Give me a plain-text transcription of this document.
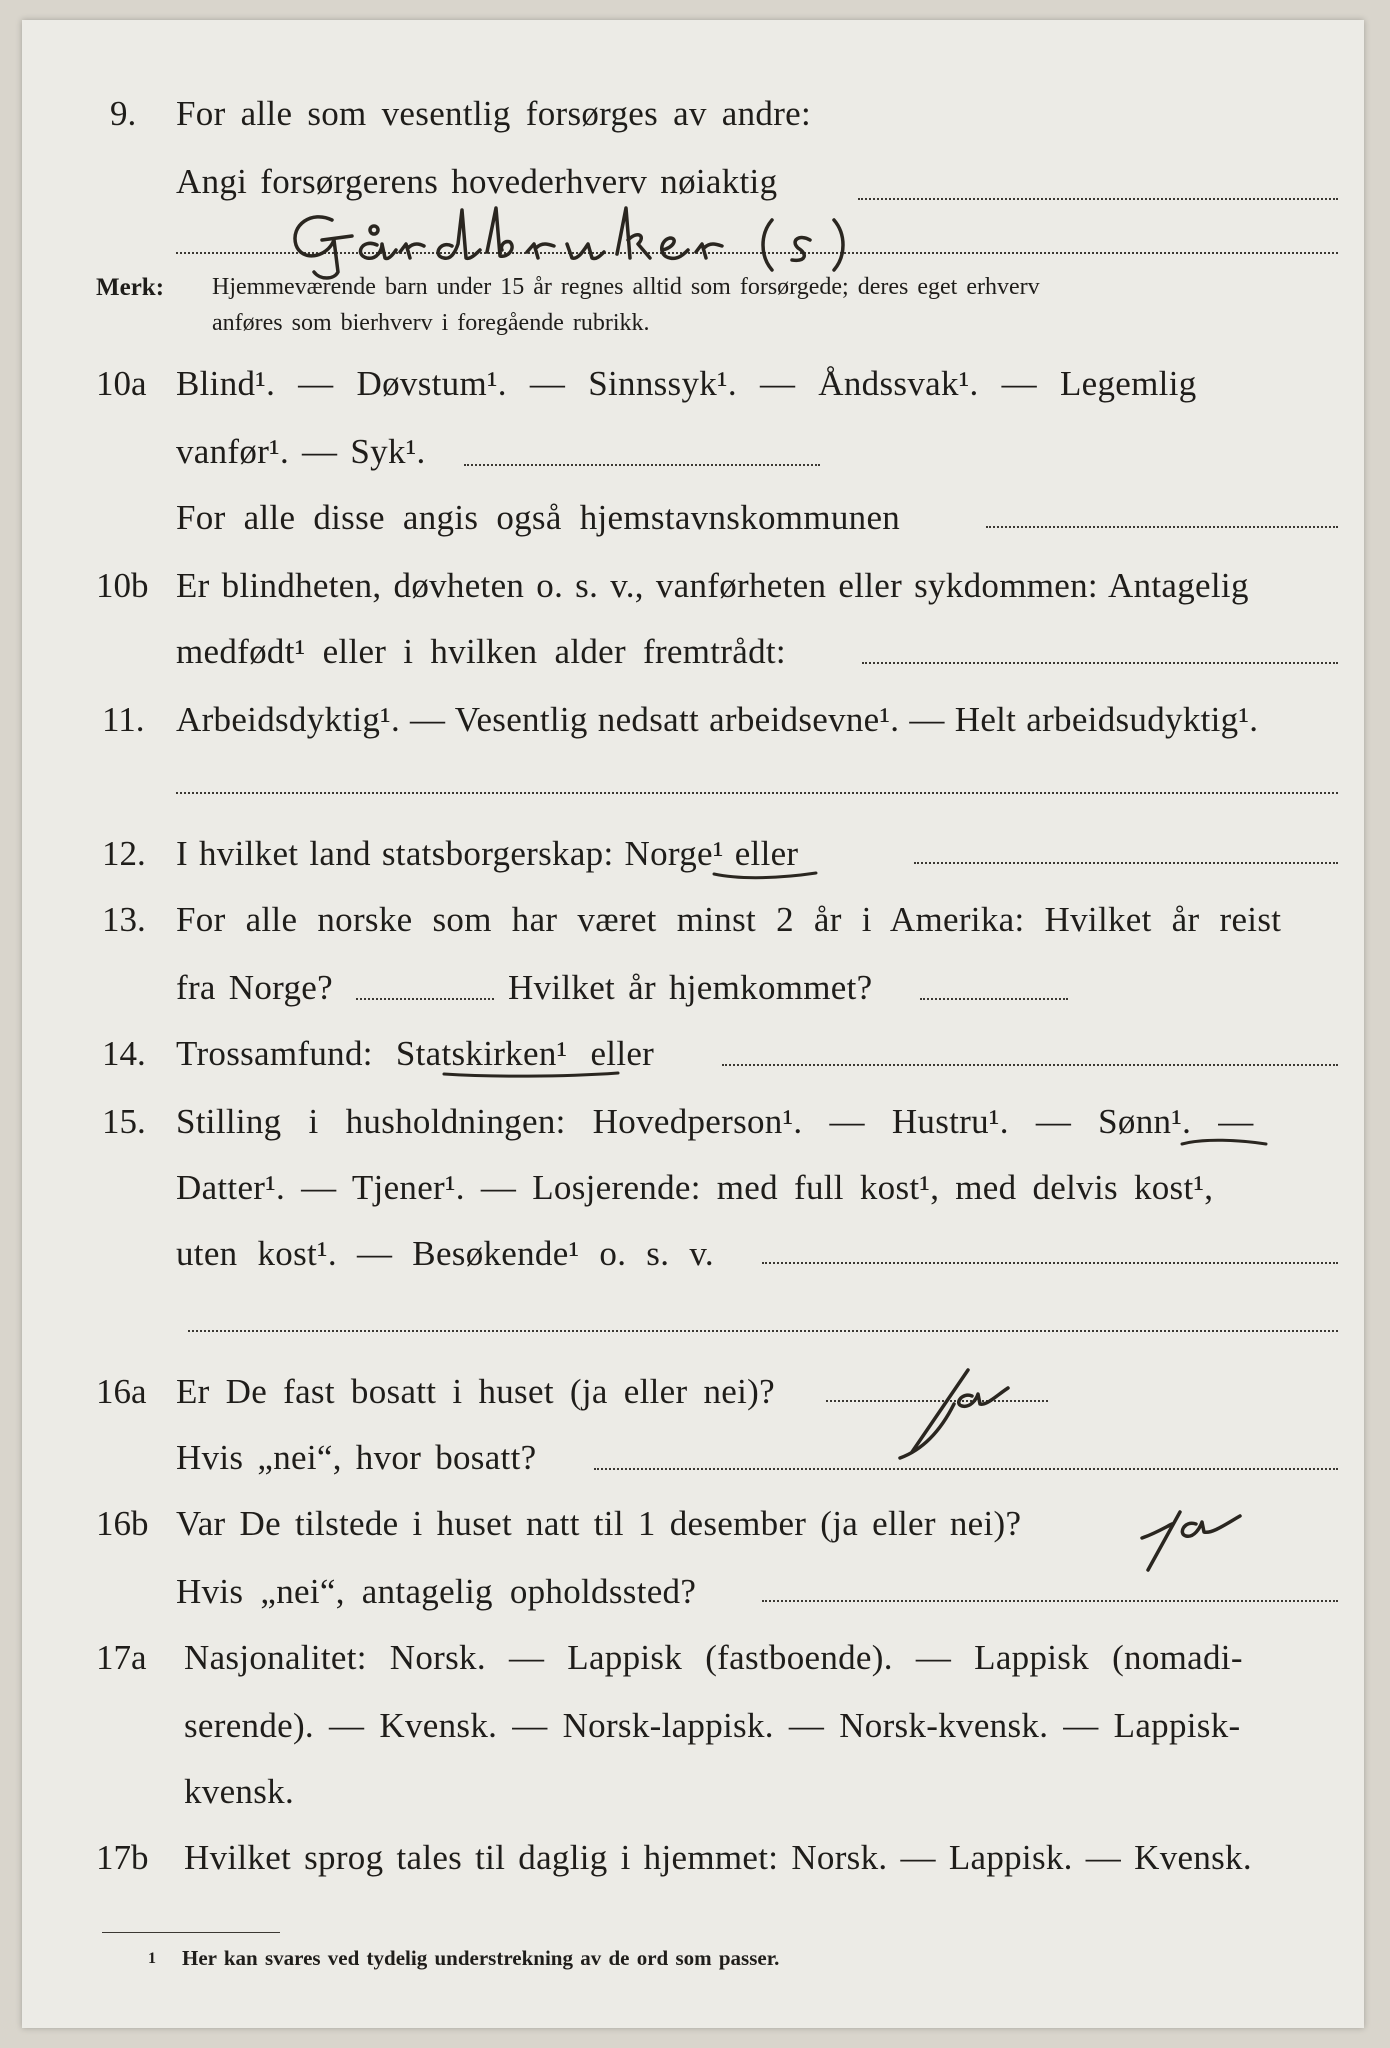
9. For alle som vesentlig forsørges av andre:
Angi forsørgerens hovederhverv nøiaktig
Merk: Hjemmeværende barn under 15 år regnes alltid som forsørgede; deres eget erhverv
anføres som bierhverv i foregående rubrikk.
10a Blind¹. — Døvstum¹. — Sinnssyk¹. — Åndssvak¹. — Legemlig
vanfør¹. — Syk¹.
For alle disse angis også hjemstavnskommunen
10b Er blindheten, døvheten o. s. v., vanførheten eller sykdommen: Antagelig
medfødt¹ eller i hvilken alder fremtrådt:
11. Arbeidsdyktig¹. — Vesentlig nedsatt arbeidsevne¹. — Helt arbeidsudyktig¹.
12. I hvilket land statsborgerskap: Norge¹ eller
13. For alle norske som har været minst 2 år i Amerika: Hvilket år reist
fra Norge?	Hvilket år hjemkommet?
14. Trossamfund: Statskirken¹ eller
15. Stilling i husholdningen: Hovedperson¹. — Hustru¹. — Sønn¹. —
Datter¹. — Tjener¹. — Losjerende: med full kost¹, med delvis kost¹,
uten kost¹. — Besøkende¹ o. s. v.
16a Er De fast bosatt i huset (ja eller nei)?
Hvis „nei“, hvor bosatt?
16b Var De tilstede i huset natt til 1 desember (ja eller nei)?
Hvis „nei“, antagelig opholdssted?
17a Nasjonalitet: Norsk. — Lappisk (fastboende). — Lappisk (nomadi-
serende). — Kvensk. — Norsk-lappisk. — Norsk-kvensk. — Lappisk-
kvensk.
17b Hvilket sprog tales til daglig i hjemmet: Norsk. — Lappisk. — Kvensk.
1 Her kan svares ved tydelig understrekning av de ord som passer.
